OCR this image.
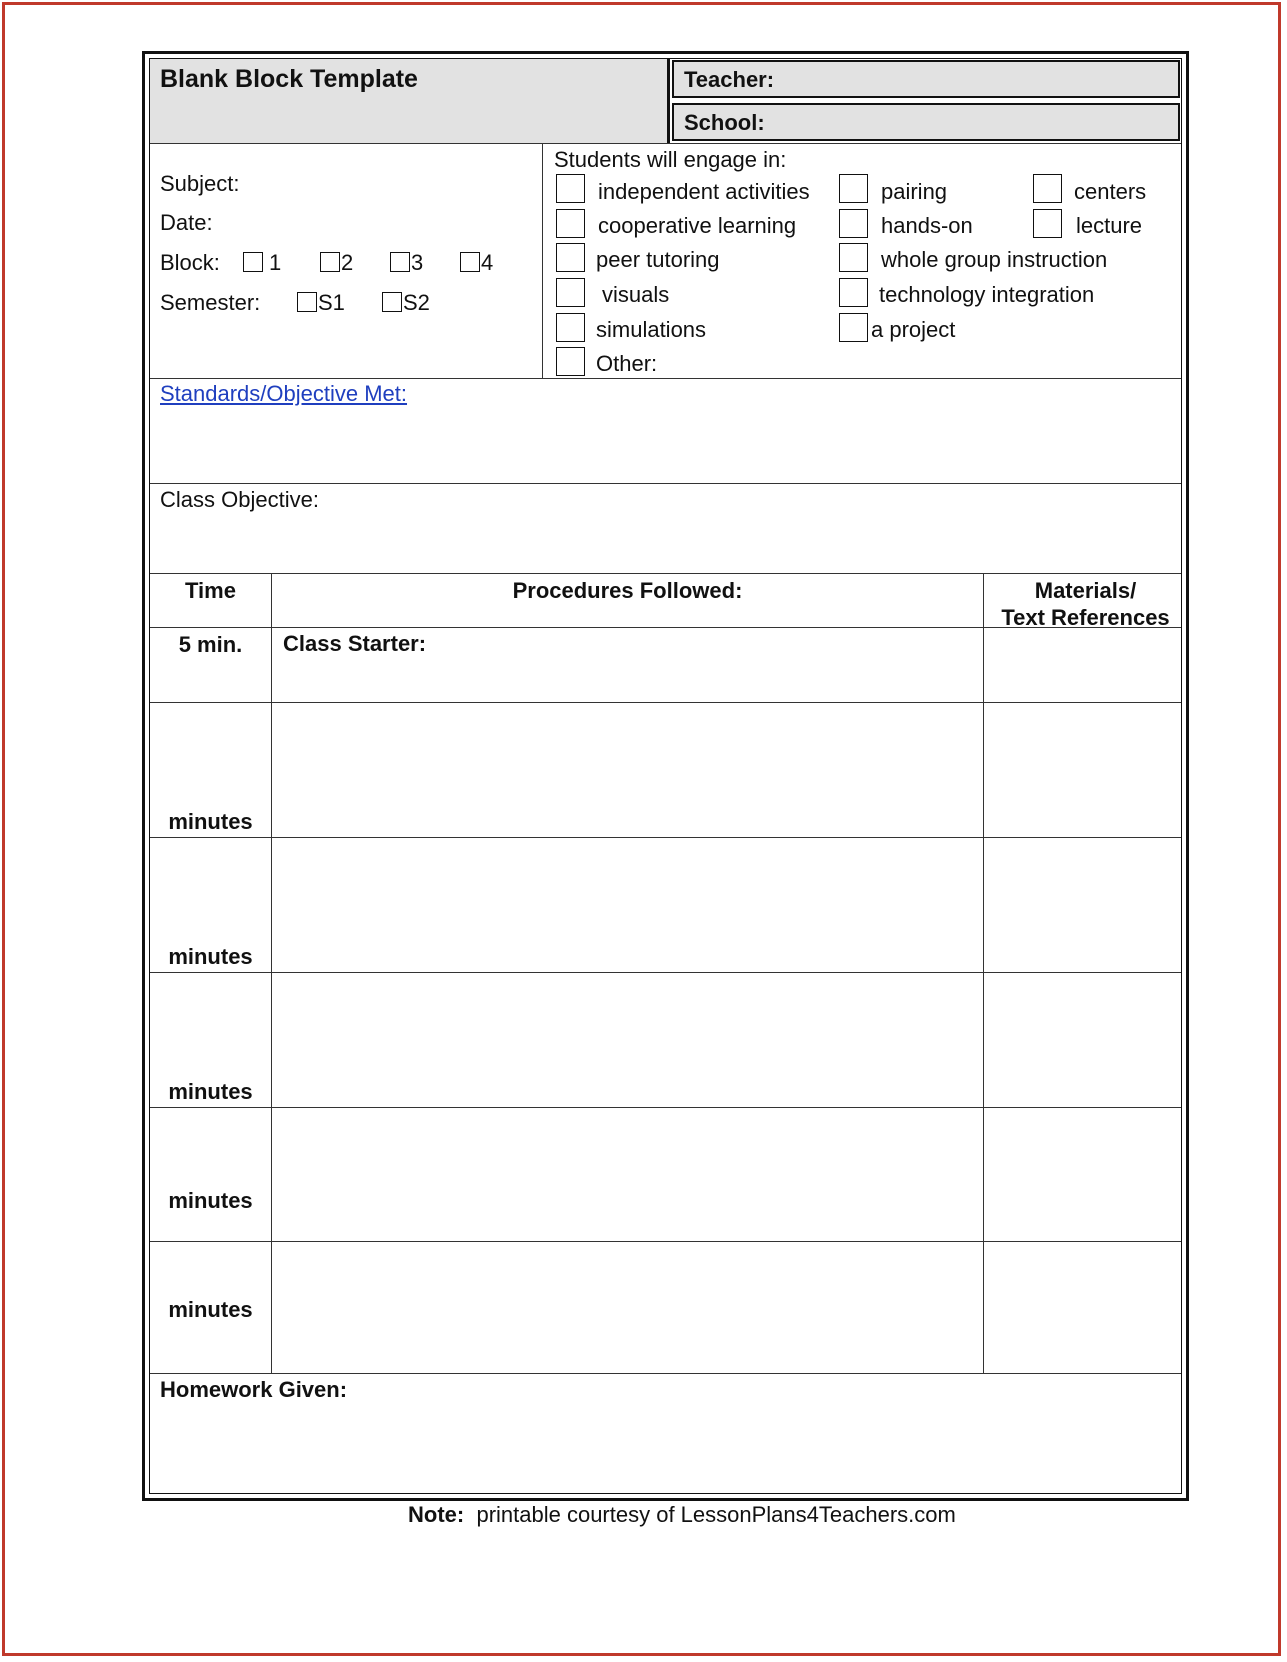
Blank Block Template	Teacher:
School:
Subject:
Date:
Block: 1	2	3	4
Semester:	S1	S2
Students will engage in:
independent activities
cooperative learning
peer tutoring
visuals
simulations
Other:
pairing
hands-on
whole group instruction
technology integration
a project
centers
lecture
Standards/Objective Met:
Class Objective:
Time	Procedures Followed:	Materials/
Text References
5 min.	Class Starter:
minutes
minutes
minutes
minutes
minutes
Homework Given:
Note: printable courtesy of LessonPlans4Teachers.com
